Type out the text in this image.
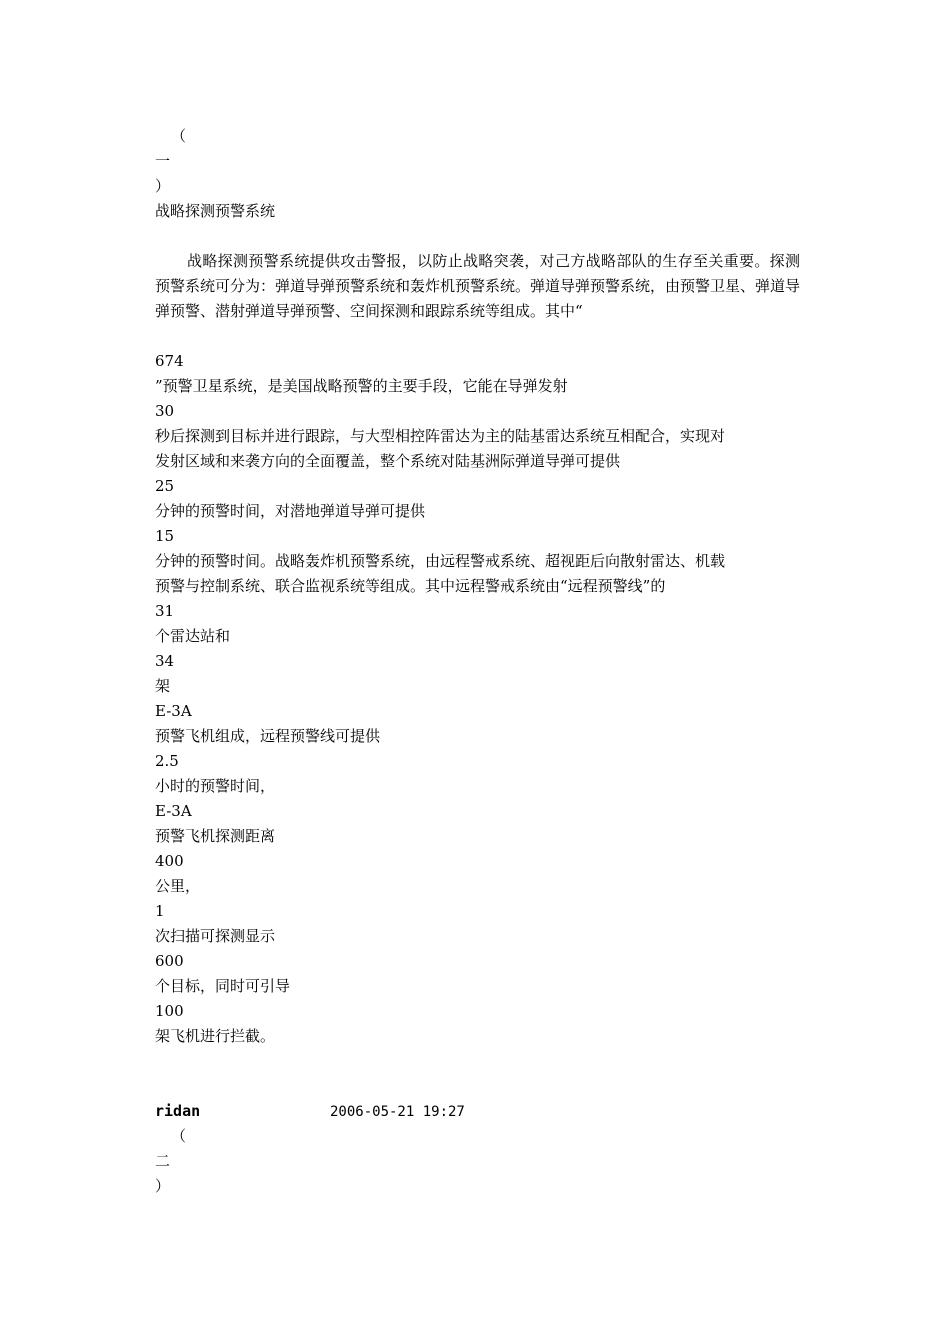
（
一
）
战略探测预警系统

战略探测预警系统提供攻击警报，以防止战略突袭，对己方战略部队的生存至关重要。探测预警系统可分为：弹道导弹预警系统和轰炸机预警系统。弹道导弹预警系统，由预警卫星、弹道导弹预警、潜射弹道导弹预警、空间探测和跟踪系统等组成。其中“

674
”预警卫星系统，是美国战略预警的主要手段，它能在导弹发射
30
秒后探测到目标并进行跟踪，与大型相控阵雷达为主的陆基雷达系统互相配合，实现对
发射区域和来袭方向的全面覆盖，整个系统对陆基洲际弹道导弹可提供
25
分钟的预警时间，对潜地弹道导弹可提供
15
分钟的预警时间。战略轰炸机预警系统，由远程警戒系统、超视距后向散射雷达、机载
预警与控制系统、联合监视系统等组成。其中远程警戒系统由“远程预警线”的
31
个雷达站和
34
架
E-3A
预警飞机组成，远程预警线可提供
2.5
小时的预警时间，
E-3A
预警飞机探测距离
400
公里，
1
次扫描可探测显示
600
个目标，同时可引导
100
架飞机进行拦截。
ridan	2006-05-21 19:27
（
二
）
